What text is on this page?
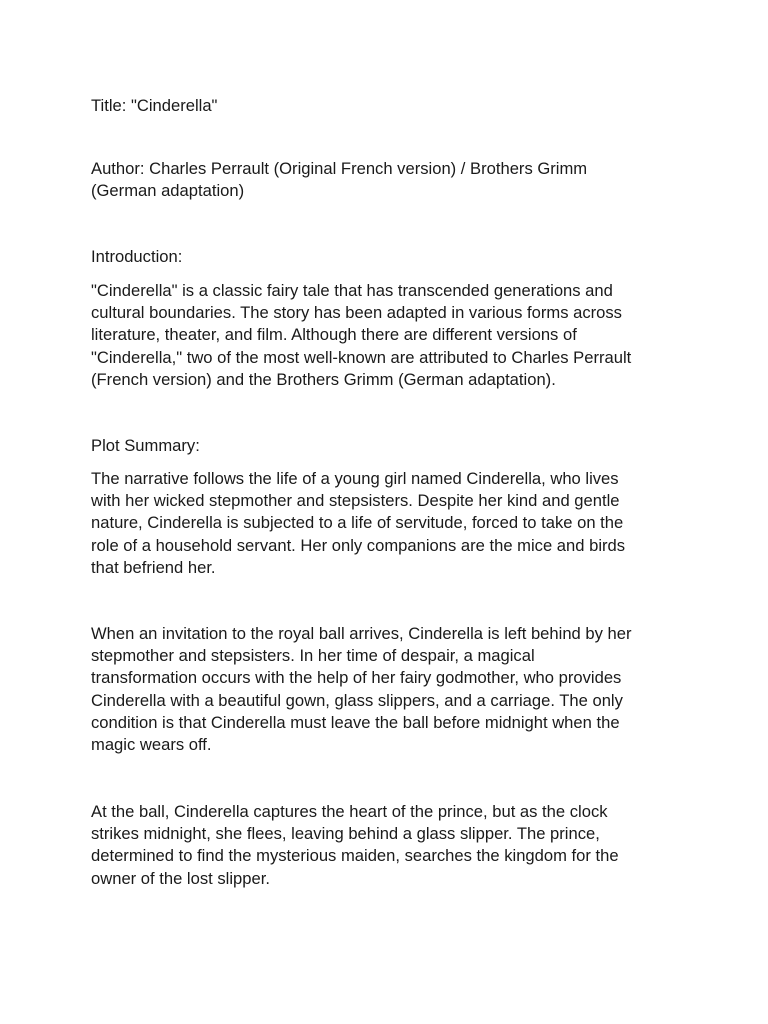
Title: "Cinderella"

Author: Charles Perrault (Original French version) / Brothers Grimm
(German adaptation)

Introduction:

"Cinderella" is a classic fairy tale that has transcended generations and
cultural boundaries. The story has been adapted in various forms across
literature, theater, and film. Although there are different versions of
"Cinderella," two of the most well-known are attributed to Charles Perrault
(French version) and the Brothers Grimm (German adaptation).

Plot Summary:

The narrative follows the life of a young girl named Cinderella, who lives
with her wicked stepmother and stepsisters. Despite her kind and gentle
nature, Cinderella is subjected to a life of servitude, forced to take on the
role of a household servant. Her only companions are the mice and birds
that befriend her.
When an invitation to the royal ball arrives, Cinderella is left behind by her
stepmother and stepsisters. In her time of despair, a magical
transformation occurs with the help of her fairy godmother, who provides
Cinderella with a beautiful gown, glass slippers, and a carriage. The only
condition is that Cinderella must leave the ball before midnight when the
magic wears off.
At the ball, Cinderella captures the heart of the prince, but as the clock
strikes midnight, she flees, leaving behind a glass slipper. The prince,
determined to find the mysterious maiden, searches the kingdom for the
owner of the lost slipper.
